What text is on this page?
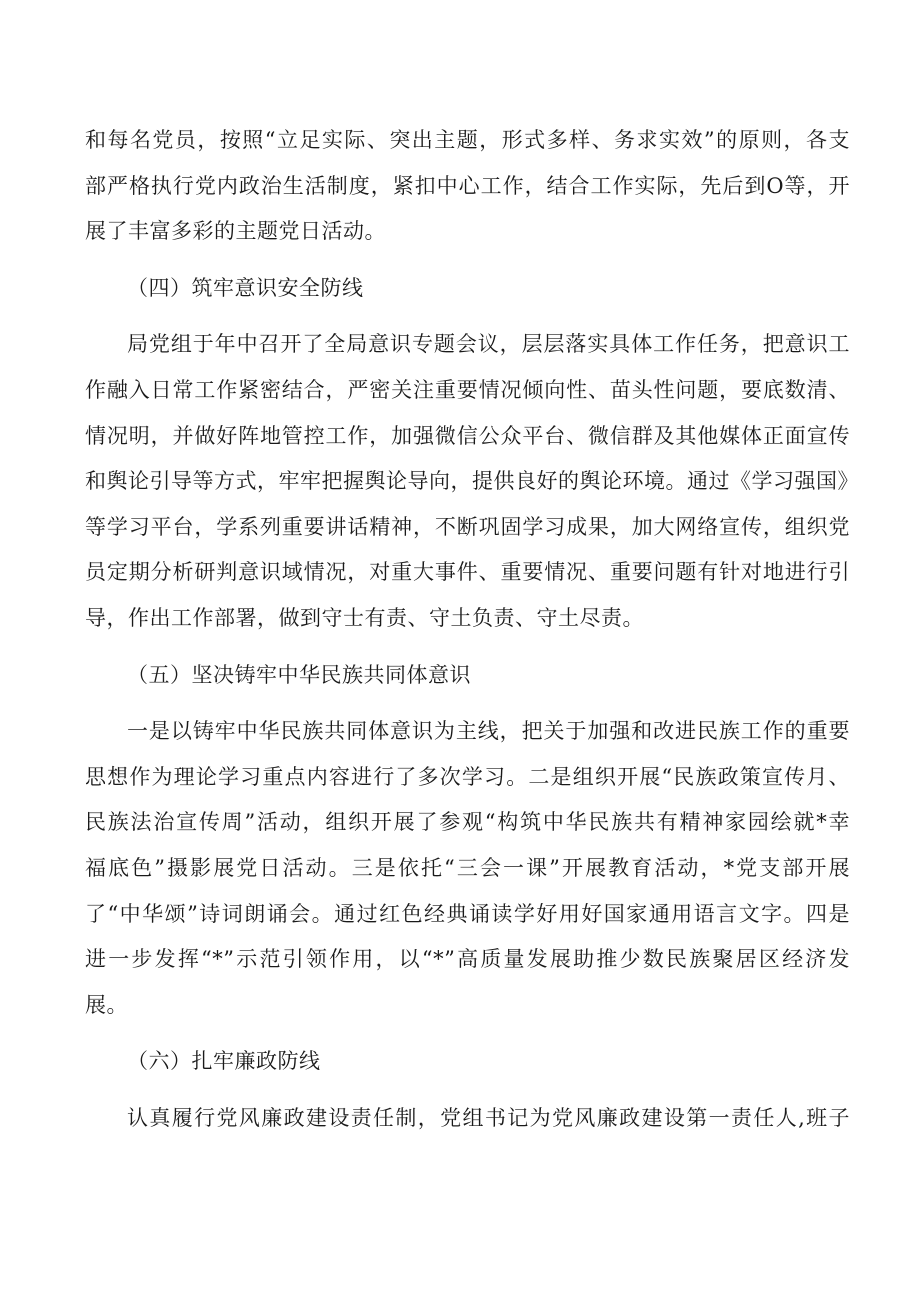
和每名党员，按照“立足实际、突出主题，形式多样、务求实效”的原则，各支
部严格执行党内政治生活制度，紧扣中心工作，结合工作实际，先后到O等，开
展了丰富多彩的主题党日活动。
（四）筑牢意识安全防线
局党组于年中召开了全局意识专题会议，层层落实具体工作任务，把意识工
作融入日常工作紧密结合，严密关注重要情况倾向性、苗头性问题，要底数清、
情况明，并做好阵地管控工作，加强微信公众平台、微信群及其他媒体正面宣传
和舆论引导等方式，牢牢把握舆论导向，提供良好的舆论环境。通过《学习强国》
等学习平台，学系列重要讲话精神，不断巩固学习成果，加大网络宣传，组织党
员定期分析研判意识域情况，对重大事件、重要情况、重要问题有针对地进行引
导，作出工作部署，做到守士有责、守土负责、守土尽责。
（五）坚决铸牢中华民族共同体意识
一是以铸牢中华民族共同体意识为主线，把关于加强和改进民族工作的重要
思想作为理论学习重点内容进行了多次学习。二是组织开展“民族政策宣传月、
民族法治宣传周”活动，组织开展了参观“构筑中华民族共有精神家园绘就*幸
福底色”摄影展党日活动。三是依托“三会一课”开展教育活动，*党支部开展
了“中华颂”诗词朗诵会。通过红色经典诵读学好用好国家通用语言文字。四是
进一步发挥“*”示范引领作用，以“*”高质量发展助推少数民族聚居区经济发
展。
（六）扎牢廉政防线
认真履行党风廉政建设责任制，党组书记为党风廉政建设第一责任人,班子
